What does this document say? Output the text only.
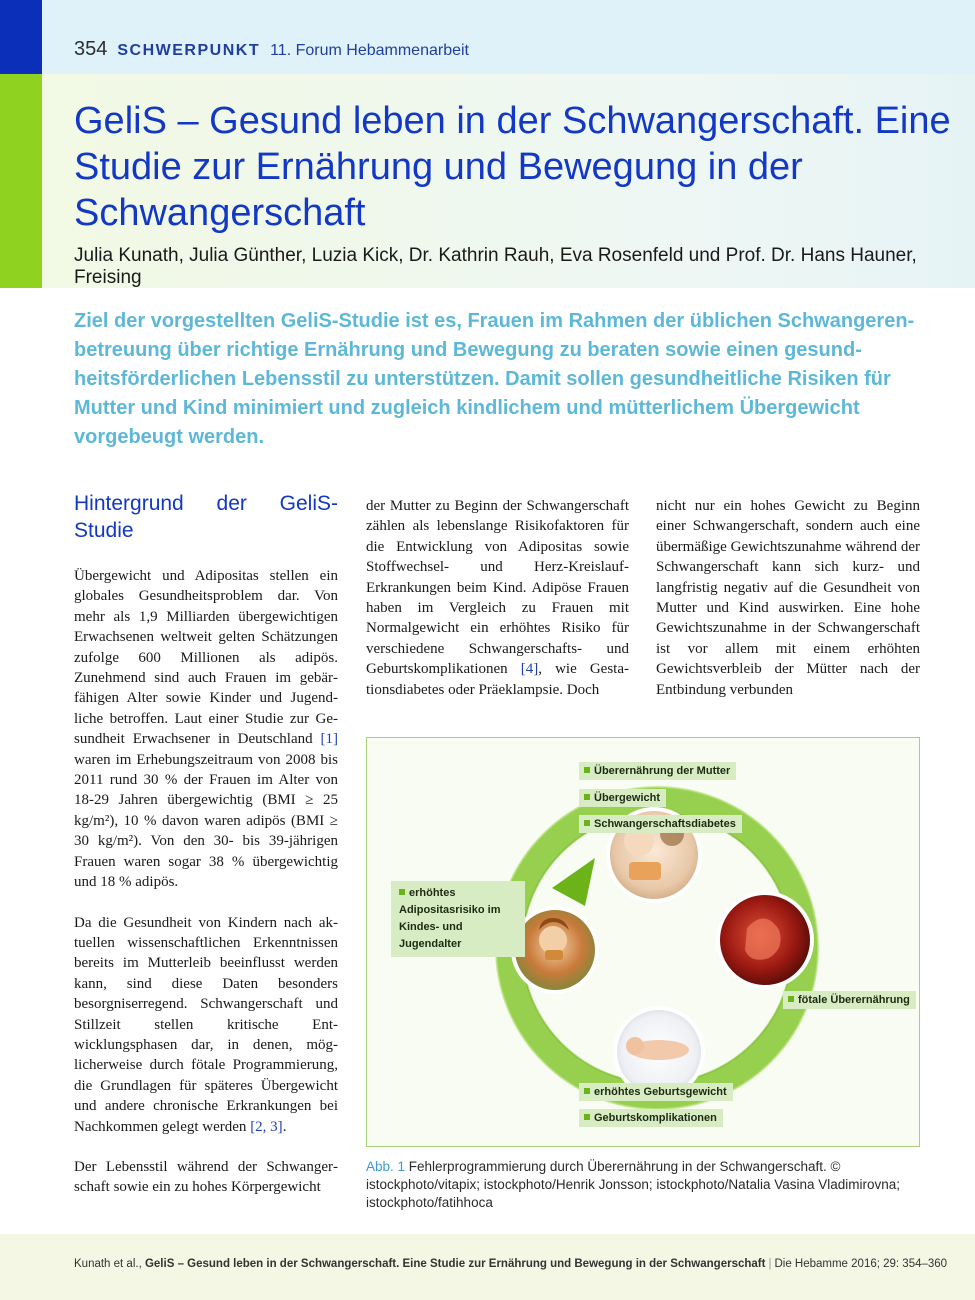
354 SCHWERPUNKT 11. Forum Hebammenarbeit
GeliS – Gesund leben in der Schwangerschaft. Eine Studie zur Ernährung und Bewegung in der Schwangerschaft
Julia Kunath, Julia Günther, Luzia Kick, Dr. Kathrin Rauh, Eva Rosenfeld und Prof. Dr. Hans Hauner, Freising

Ziel der vorgestellten GeliS-Studie ist es, Frauen im Rahmen der üblichen Schwangerenbetreuung über richtige Ernährung und Bewegung zu beraten sowie einen gesundheitsförderlichen Lebensstil zu unterstützen. Damit sollen gesundheitliche Risiken für Mutter und Kind minimiert und zugleich kindlichem und mütterlichem Übergewicht vorgebeugt werden.

Hintergrund der GeliS-Studie

Übergewicht und Adipositas stellen ein globales Gesundheitsproblem dar. Von mehr als 1,9 Milliarden übergewichtigen Erwachsenen weltweit gelten Schätzungen zufolge 600 Millionen als adipös. Zunehmend sind auch Frauen im gebärfähigen Alter sowie Kinder und Jugendliche betroffen. Laut einer Studie zur Gesundheit Erwachsener in Deutschland [1] waren im Erhebungszeitraum von 2008 bis 2011 rund 30 % der Frauen im Alter von 18-29 Jahren übergewichtig (BMI ≥ 25 kg/m²), 10 % davon waren adipös (BMI ≥ 30 kg/m²). Von den 30- bis 39-jährigen Frauen waren sogar 38 % übergewichtig und 18 % adipös.

Da die Gesundheit von Kindern nach aktuellen wissenschaftlichen Erkenntnissen bereits im Mutterleib beeinflusst werden kann, sind diese Daten besonders besorgniserregend. Schwangerschaft und Stillzeit stellen kritische Entwicklungsphasen dar, in denen, möglicherweise durch fötale Programmierung, die Grundlagen für späteres Übergewicht und andere chronische Erkrankungen bei Nachkommen gelegt werden [2, 3].

Der Lebensstil während der Schwangerschaft sowie ein zu hohes Körpergewicht

der Mutter zu Beginn der Schwangerschaft zählen als lebenslange Risikofaktoren für die Entwicklung von Adipositas sowie Stoffwechsel- und Herz-Kreislauf-Erkrankungen beim Kind. Adipöse Frauen haben im Vergleich zu Frauen mit Normalgewicht ein erhöhtes Risiko für verschiedene Schwangerschafts- und Geburtskomplikationen [4], wie Gestationsdiabetes oder Präeklampsie. Doch

nicht nur ein hohes Gewicht zu Beginn einer Schwangerschaft, sondern auch eine übermäßige Gewichtszunahme während der Schwangerschaft kann sich kurz- und langfristig negativ auf die Gesundheit von Mutter und Kind auswirken. Eine hohe Gewichtszunahme in der Schwangerschaft ist vor allem mit einem erhöhten Gewichtsverbleib der Mütter nach der Entbindung verbunden

Überernährung der Mutter
Übergewicht
Schwangerschaftsdiabetes
erhöhtes Adipositasrisiko im Kindes- und Jugendalter
fötale Überernährung
erhöhtes Geburtsgewicht
Geburtskomplikationen
Abb. 1 Fehlerprogrammierung durch Überernährung in der Schwangerschaft. © istockphoto/vitapix; istockphoto/Henrik Jonsson; istockphoto/Natalia Vasina Vladimirovna; istockphoto/fatihhoca
Kunath et al., GeliS – Gesund leben in der Schwangerschaft. Eine Studie zur Ernährung und Bewegung in der Schwangerschaft | Die Hebamme 2016; 29: 354–360
